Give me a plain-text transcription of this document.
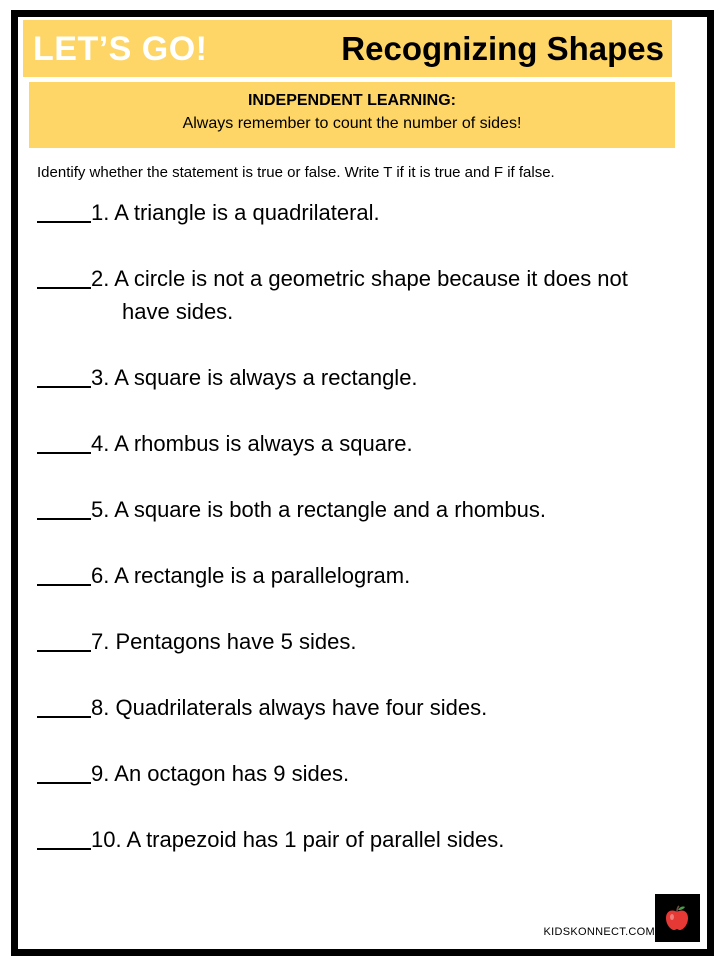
LET’S GO!	Recognizing Shapes
INDEPENDENT LEARNING:
Always remember to count the number of sides!
Identify whether the statement is true or false. Write T if it is true and F if false.
1. A triangle is a quadrilateral.
2. A circle is not a geometric shape because it does not have sides.
3. A square is always a rectangle.
4. A rhombus is always a square.
5. A square is both a rectangle and a rhombus.
6. A rectangle is a parallelogram.
7. Pentagons have 5 sides.
8. Quadrilaterals always have four sides.
9. An octagon has 9 sides.
10. A trapezoid has 1 pair of parallel sides.
KIDSKONNECT.COM
